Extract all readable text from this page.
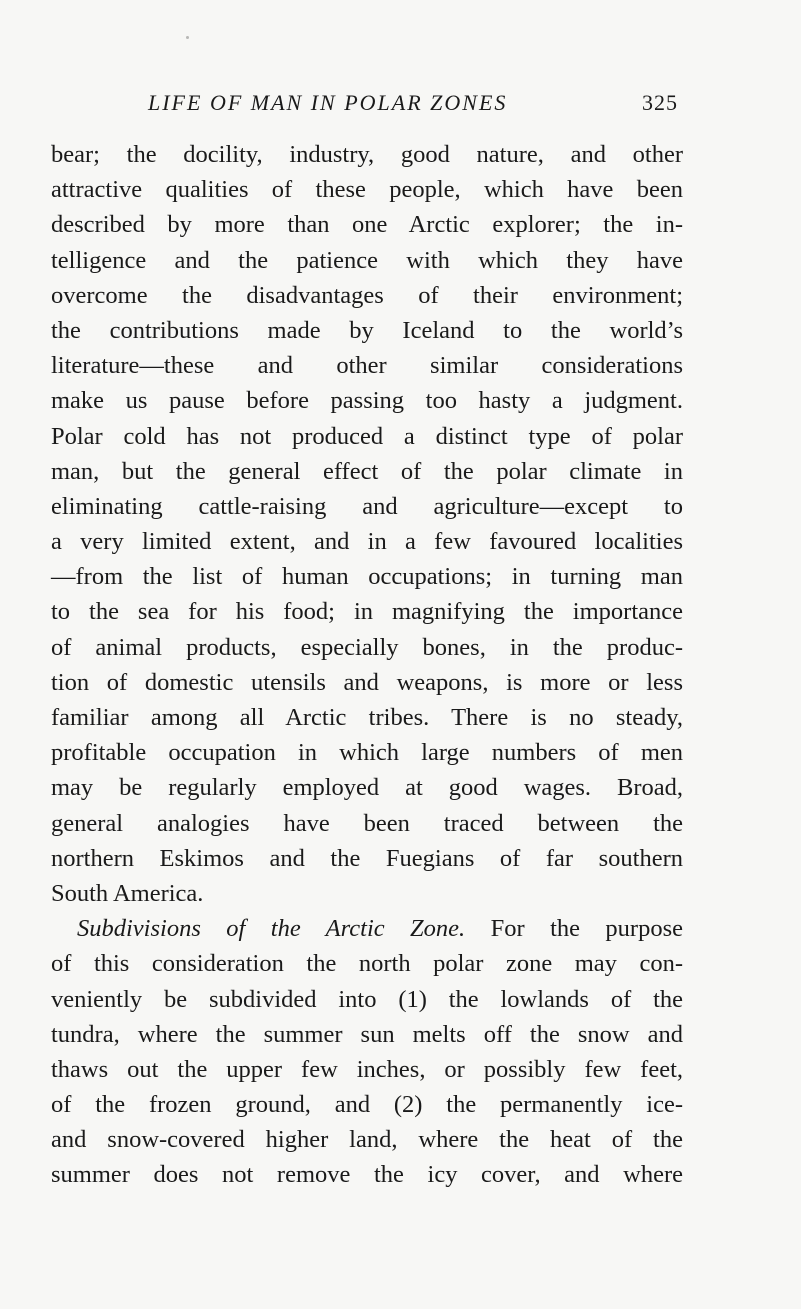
LIFE OF MAN IN POLAR ZONES	325
bear; the docility, industry, good nature, and other
attractive qualities of these people, which have been
described by more than one Arctic explorer; the in-
telligence and the patience with which they have
overcome the disadvantages of their environment;
the contributions made by Iceland to the world’s
literature—these and other similar considerations
make us pause before passing too hasty a judgment.
Polar cold has not produced a distinct type of polar
man, but the general effect of the polar climate in
eliminating cattle-raising and agriculture—except to
a very limited extent, and in a few favoured localities
—from the list of human occupations; in turning man
to the sea for his food; in magnifying the importance
of animal products, especially bones, in the produc-
tion of domestic utensils and weapons, is more or less
familiar among all Arctic tribes. There is no steady,
profitable occupation in which large numbers of men
may be regularly employed at good wages. Broad,
general analogies have been traced between the
northern Eskimos and the Fuegians of far southern
South America.
Subdivisions of the Arctic Zone. For the purpose
of this consideration the north polar zone may con-
veniently be subdivided into (1) the lowlands of the
tundra, where the summer sun melts off the snow and
thaws out the upper few inches, or possibly few feet,
of the frozen ground, and (2) the permanently ice-
and snow-covered higher land, where the heat of the
summer does not remove the icy cover, and where
